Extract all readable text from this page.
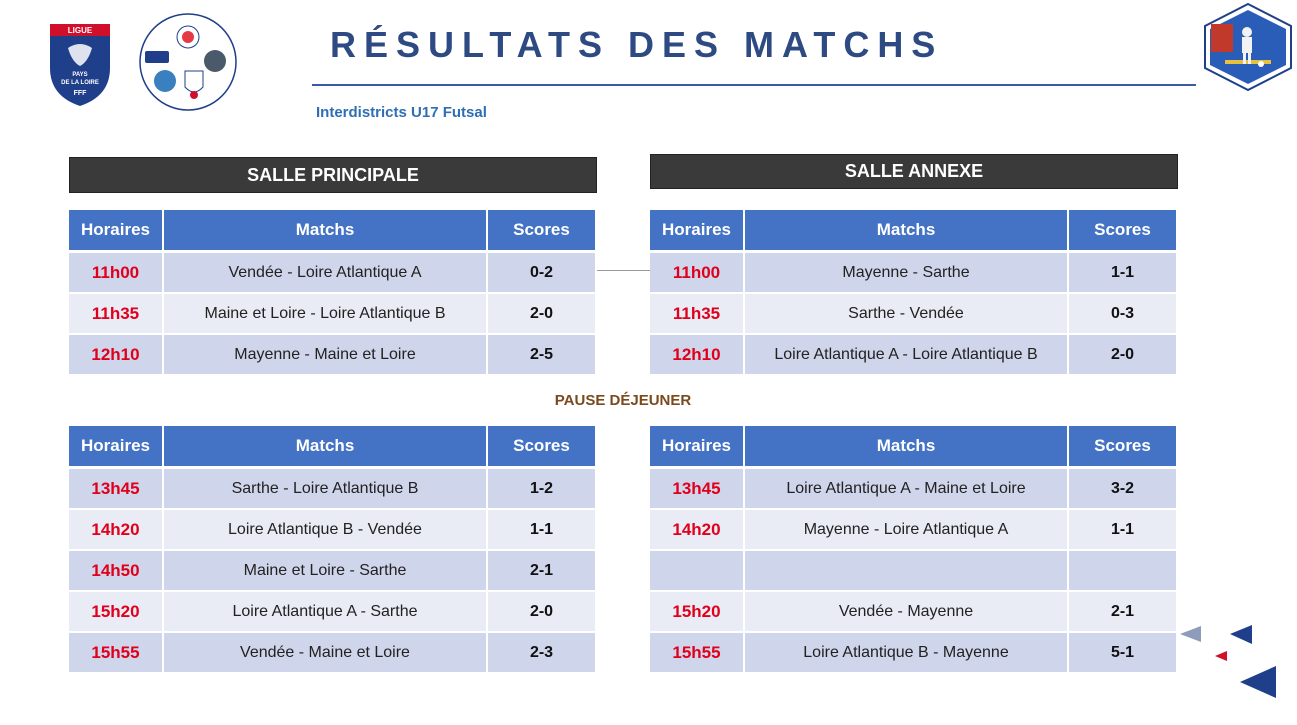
LIGUE
PAYS
DE LA LOIRE
FFF
RÉSULTATS DES MATCHS
Interdistricts U17 Futsal
SALLE PRINCIPALE	SALLE ANNEXE
Horaires	Matchs	Scores
11h00	Vendée - Loire Atlantique A	0-2
11h35	Maine et Loire - Loire Atlantique B	2-0
12h10	Mayenne - Maine et Loire	2-5
Horaires	Matchs	Scores
11h00	Mayenne - Sarthe	1-1
11h35	Sarthe - Vendée	0-3
12h10	Loire Atlantique A - Loire Atlantique B	2-0
PAUSE DÉJEUNER
Horaires	Matchs	Scores
13h45	Sarthe - Loire Atlantique B	1-2
14h20	Loire Atlantique B - Vendée	1-1
14h50	Maine et Loire - Sarthe	2-1
15h20	Loire Atlantique A - Sarthe	2-0
15h55	Vendée - Maine et Loire	2-3
Horaires	Matchs	Scores
13h45	Loire Atlantique A - Maine et Loire	3-2
14h20	Mayenne - Loire Atlantique A	1-1

15h20	Vendée - Mayenne	2-1
15h55	Loire Atlantique B - Mayenne	5-1
